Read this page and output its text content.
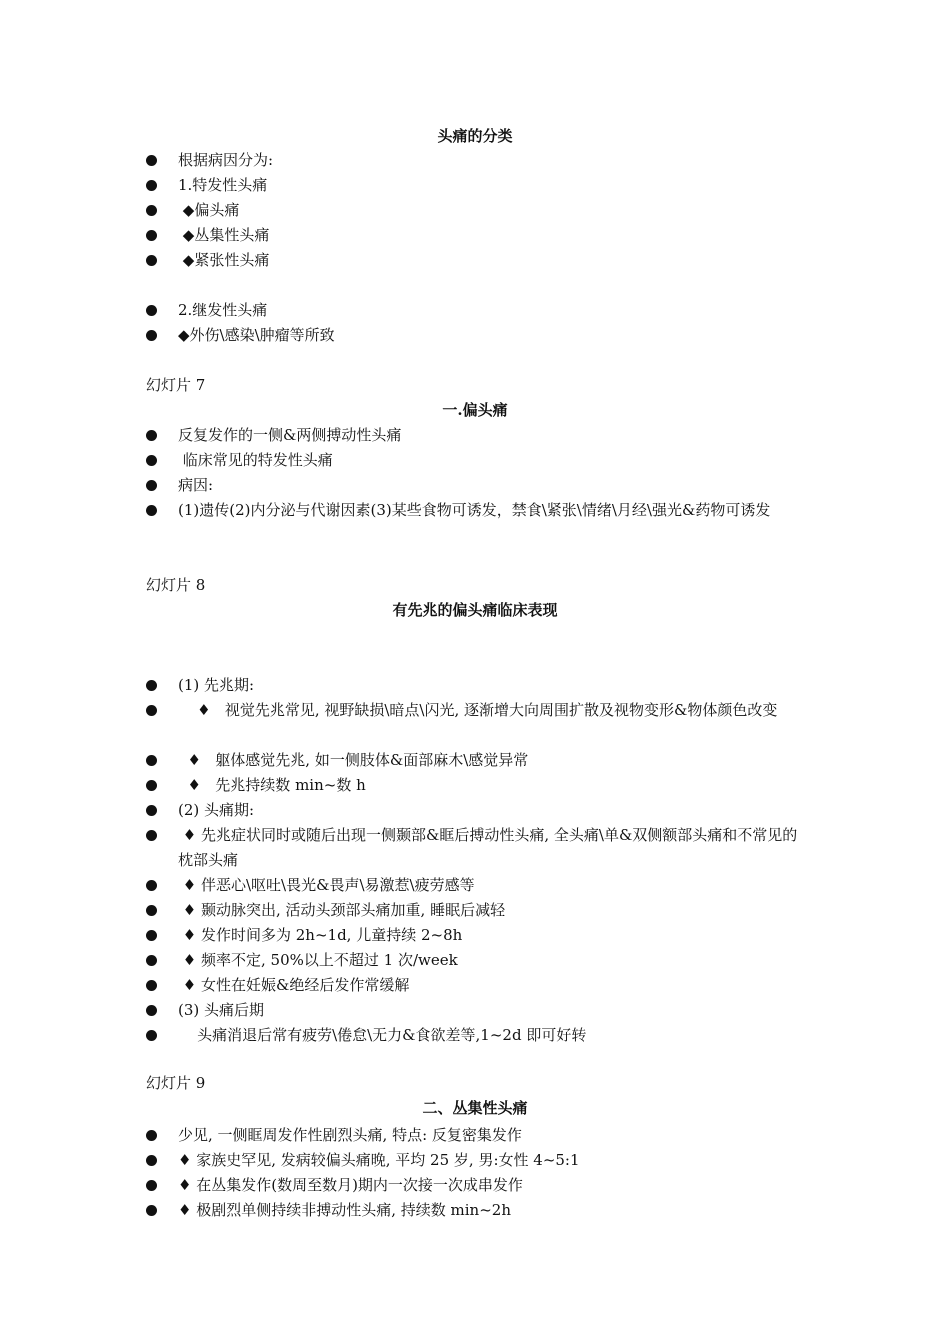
头痛的分类
根据病因分为:
1.特发性头痛
◆偏头痛
◆丛集性头痛
◆紧张性头痛
2.继发性头痛
◆外伤\感染\肿瘤等所致
幻灯片 7
一.偏头痛
反复发作的一侧&两侧搏动性头痛
临床常见的特发性头痛
病因:
(1)遗传(2)内分泌与代谢因素(3)某些食物可诱发，禁食\紧张\情绪\月经\强光&药物可诱发
幻灯片 8
有先兆的偏头痛临床表现
(1) 先兆期:
♦   视觉先兆常见, 视野缺损\暗点\闪光, 逐渐增大向周围扩散及视物变形&物体颜色改变
♦   躯体感觉先兆, 如一侧肢体&面部麻木\感觉异常
♦   先兆持续数 min~数 h
(2) 头痛期:
♦ 先兆症状同时或随后出现一侧颞部&眶后搏动性头痛, 全头痛\单&双侧额部头痛和不常见的枕部头痛
♦ 伴恶心\呕吐\畏光&畏声\易激惹\疲劳感等
♦ 颞动脉突出, 活动头颈部头痛加重, 睡眠后减轻
♦ 发作时间多为 2h~1d, 儿童持续 2~8h
♦ 频率不定, 50%以上不超过 1 次/week
♦ 女性在妊娠&绝经后发作常缓解
(3) 头痛后期
头痛消退后常有疲劳\倦怠\无力&食欲差等,1~2d 即可好转
幻灯片 9
二、丛集性头痛
少见, 一侧眶周发作性剧烈头痛, 特点: 反复密集发作
♦ 家族史罕见, 发病较偏头痛晚, 平均 25 岁, 男:女性 4~5:1
♦ 在丛集发作(数周至数月)期内一次接一次成串发作
♦ 极剧烈单侧持续非搏动性头痛, 持续数 min~2h
